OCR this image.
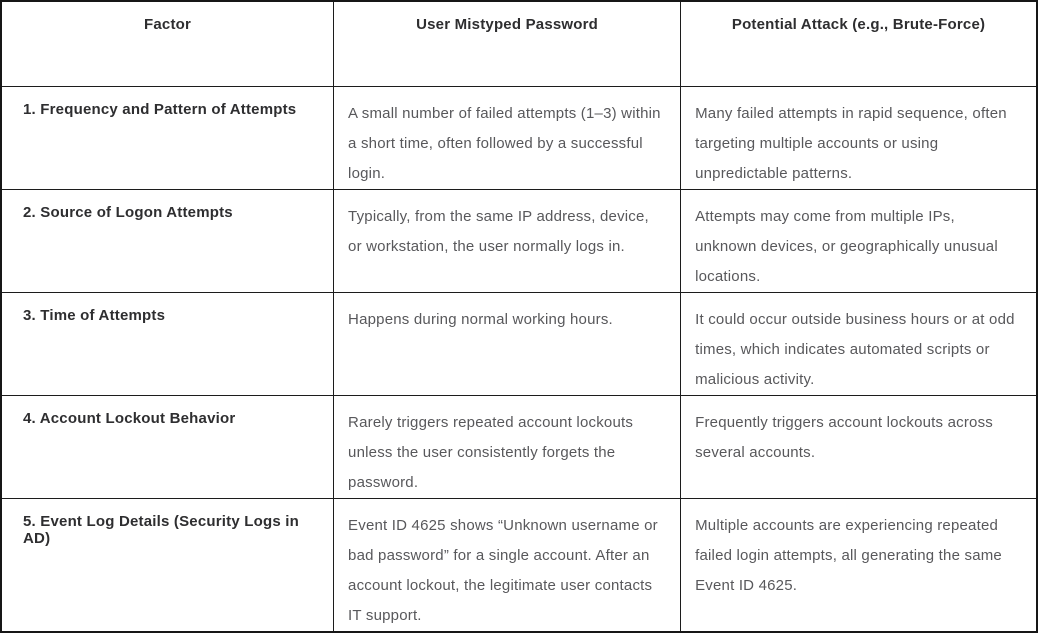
Factor	User Mistyped Password	Potential Attack (e.g., Brute-Force)
1. Frequency and Pattern of Attempts	A small number of failed attempts (1–3) within a short time, often followed by a successful login.	Many failed attempts in rapid sequence, often targeting multiple accounts or using unpredictable patterns.
2. Source of Logon Attempts	Typically, from the same IP address, device, or workstation, the user normally logs in.	Attempts may come from multiple IPs, unknown devices, or geographically unusual locations.
3. Time of Attempts	Happens during normal working hours.	It could occur outside business hours or at odd times, which indicates automated scripts or malicious activity.
4. Account Lockout Behavior	Rarely triggers repeated account lockouts unless the user consistently forgets the password.	Frequently triggers account lockouts across several accounts.
5. Event Log Details (Security Logs in AD)	Event ID 4625 shows “Unknown username or bad password” for a single account. After an account lockout, the legitimate user contacts IT support.	Multiple accounts are experiencing repeated failed login attempts, all generating the same Event ID 4625.
